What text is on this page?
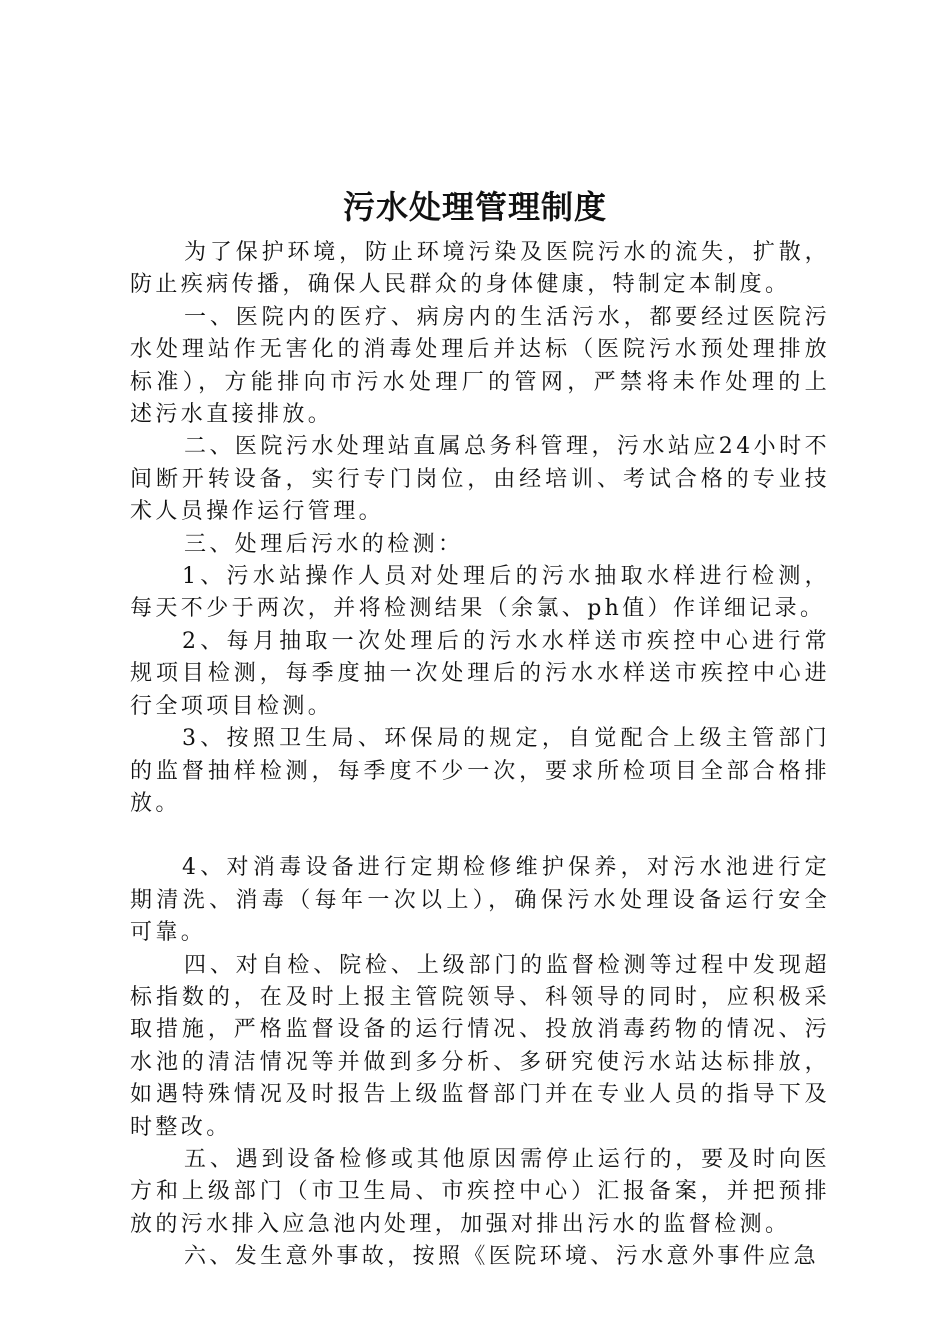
污水处理管理制度

为了保护环境，防止环境污染及医院污水的流失，扩散，防止疾病传播，确保人民群众的身体健康，特制定本制度。

一、医院内的医疗、病房内的生活污水，都要经过医院污水处理站作无害化的消毒处理后并达标（医院污水预处理排放标准），方能排向市污水处理厂的管网，严禁将未作处理的上述污水直接排放。

二、医院污水处理站直属总务科管理，污水站应24小时不间断开转设备，实行专门岗位，由经培训、考试合格的专业技术人员操作运行管理。

三、处理后污水的检测：

1、污水站操作人员对处理后的污水抽取水样进行检测，每天不少于两次，并将检测结果（余氯、ph值）作详细记录。

2、每月抽取一次处理后的污水水样送市疾控中心进行常规项目检测，每季度抽一次处理后的污水水样送市疾控中心进行全项项目检测。

3、按照卫生局、环保局的规定，自觉配合上级主管部门的监督抽样检测，每季度不少一次，要求所检项目全部合格排放。

4、对消毒设备进行定期检修维护保养，对污水池进行定期清洗、消毒（每年一次以上），确保污水处理设备运行安全可靠。

四、对自检、院检、上级部门的监督检测等过程中发现超标指数的，在及时上报主管院领导、科领导的同时，应积极采取措施，严格监督设备的运行情况、投放消毒药物的情况、污水池的清洁情况等并做到多分析、多研究使污水站达标排放，如遇特殊情况及时报告上级监督部门并在专业人员的指导下及时整改。

五、遇到设备检修或其他原因需停止运行的，要及时向医方和上级部门（市卫生局、市疾控中心）汇报备案，并把预排放的污水排入应急池内处理，加强对排出污水的监督检测。

六、发生意外事故，按照《医院环境、污水意外事件应急
